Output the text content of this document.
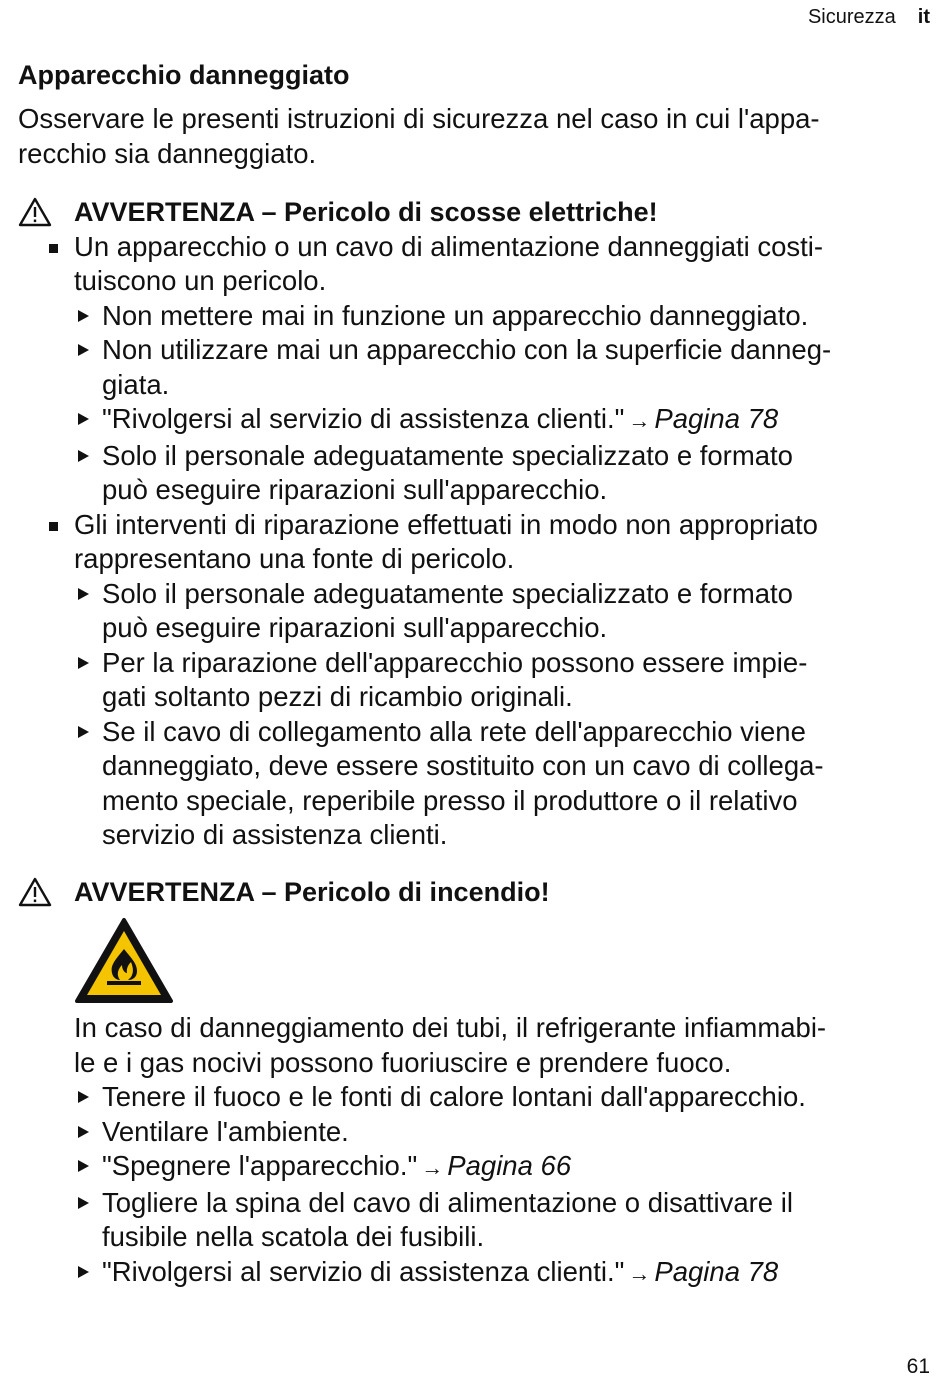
Sicurezza it
Apparecchio danneggiato

Osservare le presenti istruzioni di sicurezza nel caso in cui l'appa-
recchio sia danneggiato.

AVVERTENZA – Pericolo di scosse elettriche!
Un apparecchio o un cavo di alimentazione danneggiati costi-
tuiscono un pericolo.
Non mettere mai in funzione un apparecchio danneggiato.
Non utilizzare mai un apparecchio con la superficie danneg-
giata.
"Rivolgersi al servizio di assistenza clienti." → Pagina 78
Solo il personale adeguatamente specializzato e formato
può eseguire riparazioni sull'apparecchio.
Gli interventi di riparazione effettuati in modo non appropriato
rappresentano una fonte di pericolo.
Solo il personale adeguatamente specializzato e formato
può eseguire riparazioni sull'apparecchio.
Per la riparazione dell'apparecchio possono essere impie-
gati soltanto pezzi di ricambio originali.
Se il cavo di collegamento alla rete dell'apparecchio viene
danneggiato, deve essere sostituito con un cavo di collega-
mento speciale, reperibile presso il produttore o il relativo
servizio di assistenza clienti.
AVVERTENZA – Pericolo di incendio!

In caso di danneggiamento dei tubi, il refrigerante infiammabi-
le e i gas nocivi possono fuoriuscire e prendere fuoco.

Tenere il fuoco e le fonti di calore lontani dall'apparecchio.
Ventilare l'ambiente.
"Spegnere l'apparecchio." → Pagina 66
Togliere la spina del cavo di alimentazione o disattivare il
fusibile nella scatola dei fusibili.
"Rivolgersi al servizio di assistenza clienti." → Pagina 78
61
